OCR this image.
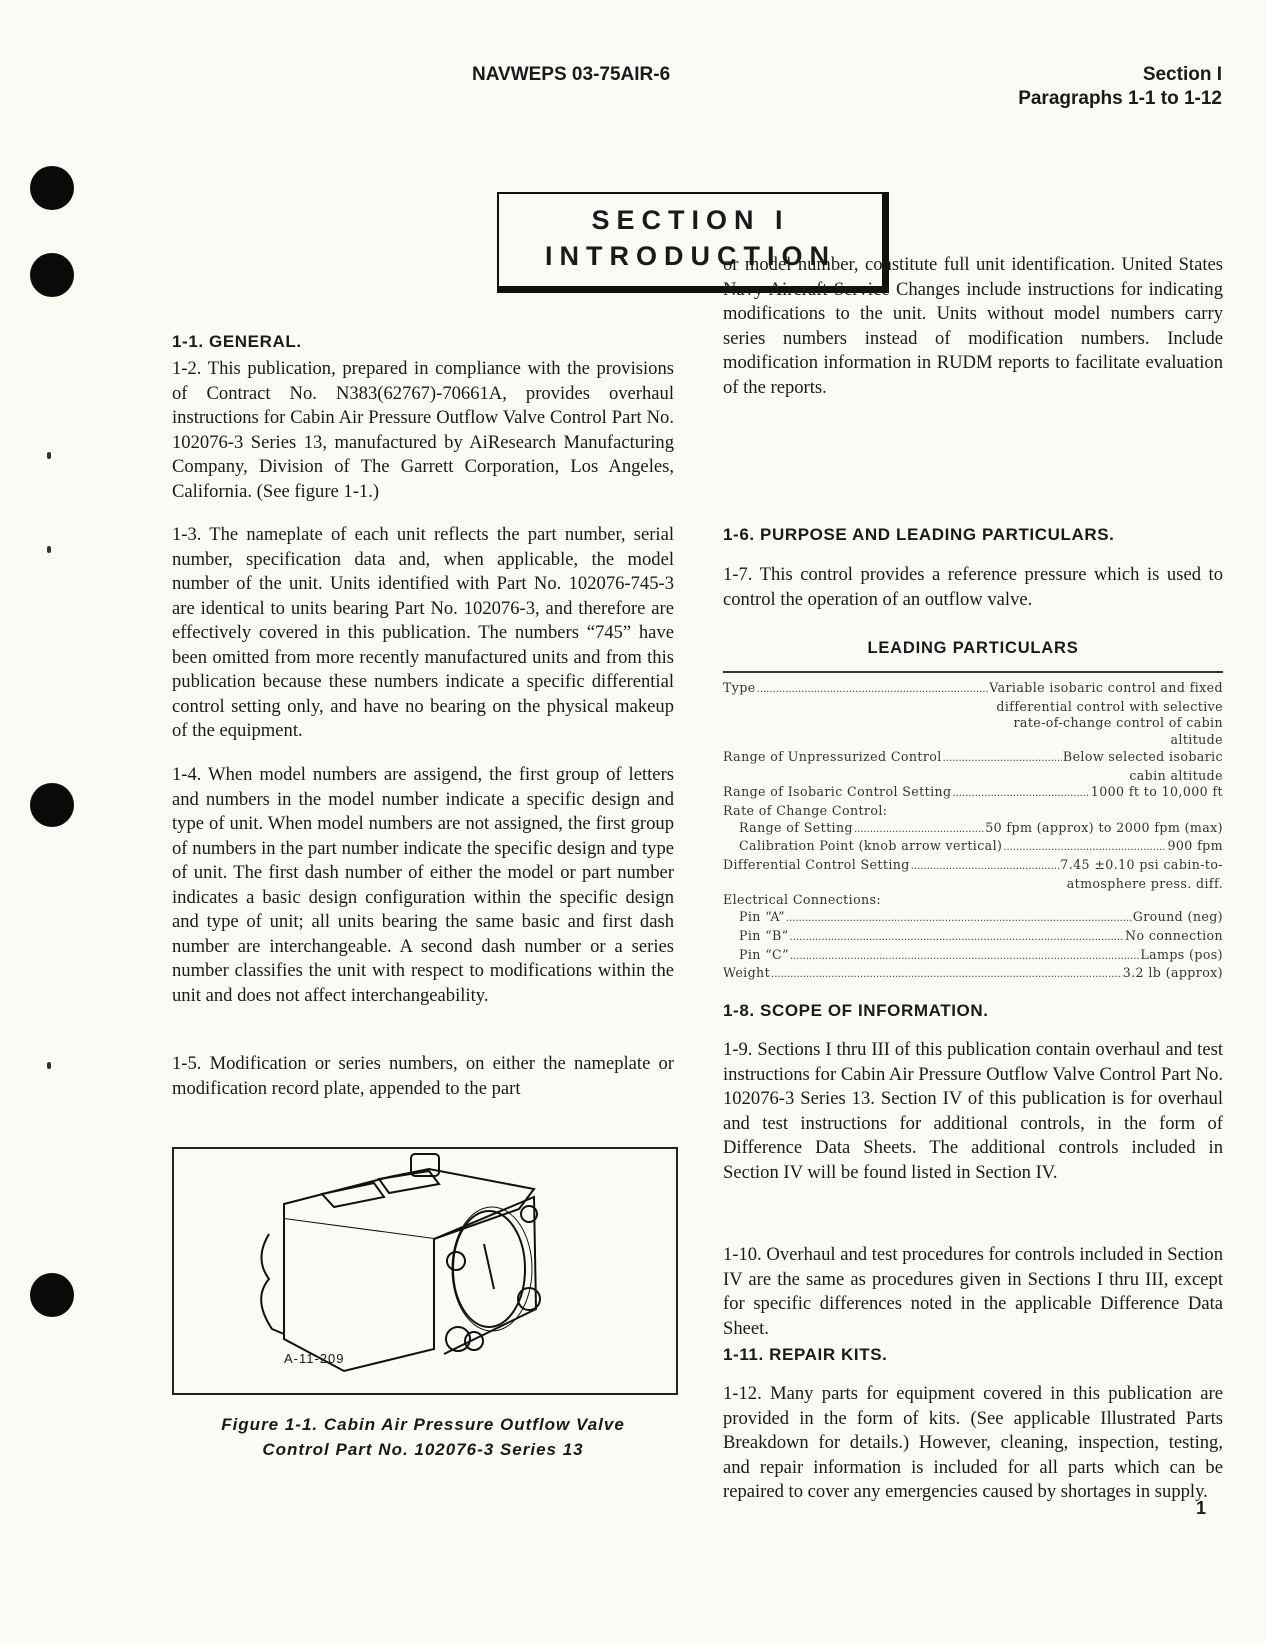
NAVWEPS 03-75AIR-6	Section I
Paragraphs 1-1 to 1-12
SECTION I
INTRODUCTION
1-1. GENERAL.
1-2. This publication, prepared in compliance with the provisions of Contract No. N383(62767)-70661A, provides overhaul instructions for Cabin Air Pressure Outflow Valve Control Part No. 102076-3 Series 13, manufactured by AiResearch Manufacturing Company, Division of The Garrett Corporation, Los Angeles, California. (See figure 1-1.)
1-3. The nameplate of each unit reflects the part number, serial number, specification data and, when applicable, the model number of the unit. Units identified with Part No. 102076-745-3 are identical to units bearing Part No. 102076-3, and therefore are effectively covered in this publication. The numbers “745” have been omitted from more recently manufactured units and from this publication because these numbers indicate a specific differential control setting only, and have no bearing on the physical makeup of the equipment.
1-4. When model numbers are assigend, the first group of letters and numbers in the model number indicate a specific design and type of unit. When model numbers are not assigned, the first group of numbers in the part number indicate the specific design and type of unit. The first dash number of either the model or part number indicates a basic design configuration within the specific design and type of unit; all units bearing the same basic and first dash number are interchangeable. A second dash number or a series number classifies the unit with respect to modifications within the unit and does not affect interchangeability.
1-5. Modification or series numbers, on either the nameplate or modification record plate, appended to the part
A-11-209
Figure 1-1. Cabin Air Pressure Outflow Valve
Control Part No. 102076-3 Series 13
or model number, constitute full unit identification. United States Navy Aircraft Service Changes include instructions for indicating modifications to the unit. Units without model numbers carry series numbers instead of modification numbers. Include modification information in RUDM reports to facilitate evaluation of the reports.
1-6. PURPOSE AND LEADING PARTICULARS.
1-7. This control provides a reference pressure which is used to control the operation of an outflow valve.
LEADING PARTICULARS
Type .....	Variable isobaric control and fixed
differential control with selective
rate-of-change control of cabin
altitude
Range of Unpressurized Control .....	Below selected isobaric
cabin altitude
Range of Isobaric Control Setting .....	1000 ft to 10,000 ft
Rate of Change Control:
Range of Setting .....	50 fpm (approx) to 2000 fpm (max)
Calibration Point (knob arrow vertical) .....	900 fpm
Differential Control Setting .....	7.45 ±0.10 psi cabin-to-
atmosphere press. diff.
Electrical Connections:
Pin “A” .....	Ground (neg)
Pin “B” .....	No connection
Pin “C” .....	Lamps (pos)
Weight .....	3.2 lb (approx)
1-8. SCOPE OF INFORMATION.
1-9. Sections I thru III of this publication contain overhaul and test instructions for Cabin Air Pressure Outflow Valve Control Part No. 102076-3 Series 13. Section IV of this publication is for overhaul and test instructions for additional controls, in the form of Difference Data Sheets. The additional controls included in Section IV will be found listed in Section IV.
1-10. Overhaul and test procedures for controls included in Section IV are the same as procedures given in Sections I thru III, except for specific differences noted in the applicable Difference Data Sheet.
1-11. REPAIR KITS.
1-12. Many parts for equipment covered in this publication are provided in the form of kits. (See applicable Illustrated Parts Breakdown for details.) However, cleaning, inspection, testing, and repair information is included for all parts which can be repaired to cover any emergencies caused by shortages in supply.
1
